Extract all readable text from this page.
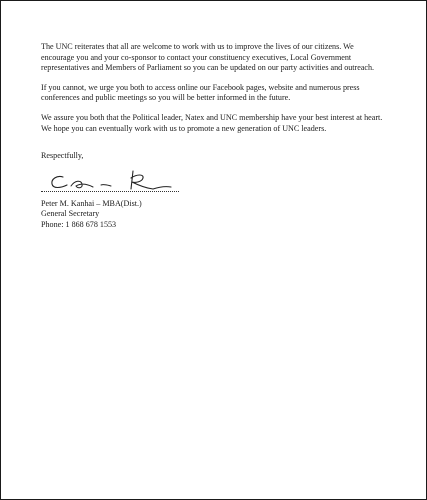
The UNC reiterates that all are welcome to work with us to improve the lives of our citizens. We encourage you and your co-sponsor to contact your constituency executives, Local Government representatives and Members of Parliament so you can be updated on our party activities and outreach.

If you cannot, we urge you both to access online our Facebook pages, website and numerous press conferences and public meetings so you will be better informed in the future.

We assure you both that the Political leader, Natex and UNC membership have your best interest at heart. We hope you can eventually work with us to promote a new generation of UNC leaders.

Respectfully,
Peter M. Kanhai – MBA(Dist.)
General Secretary
Phone: 1 868 678 1553
